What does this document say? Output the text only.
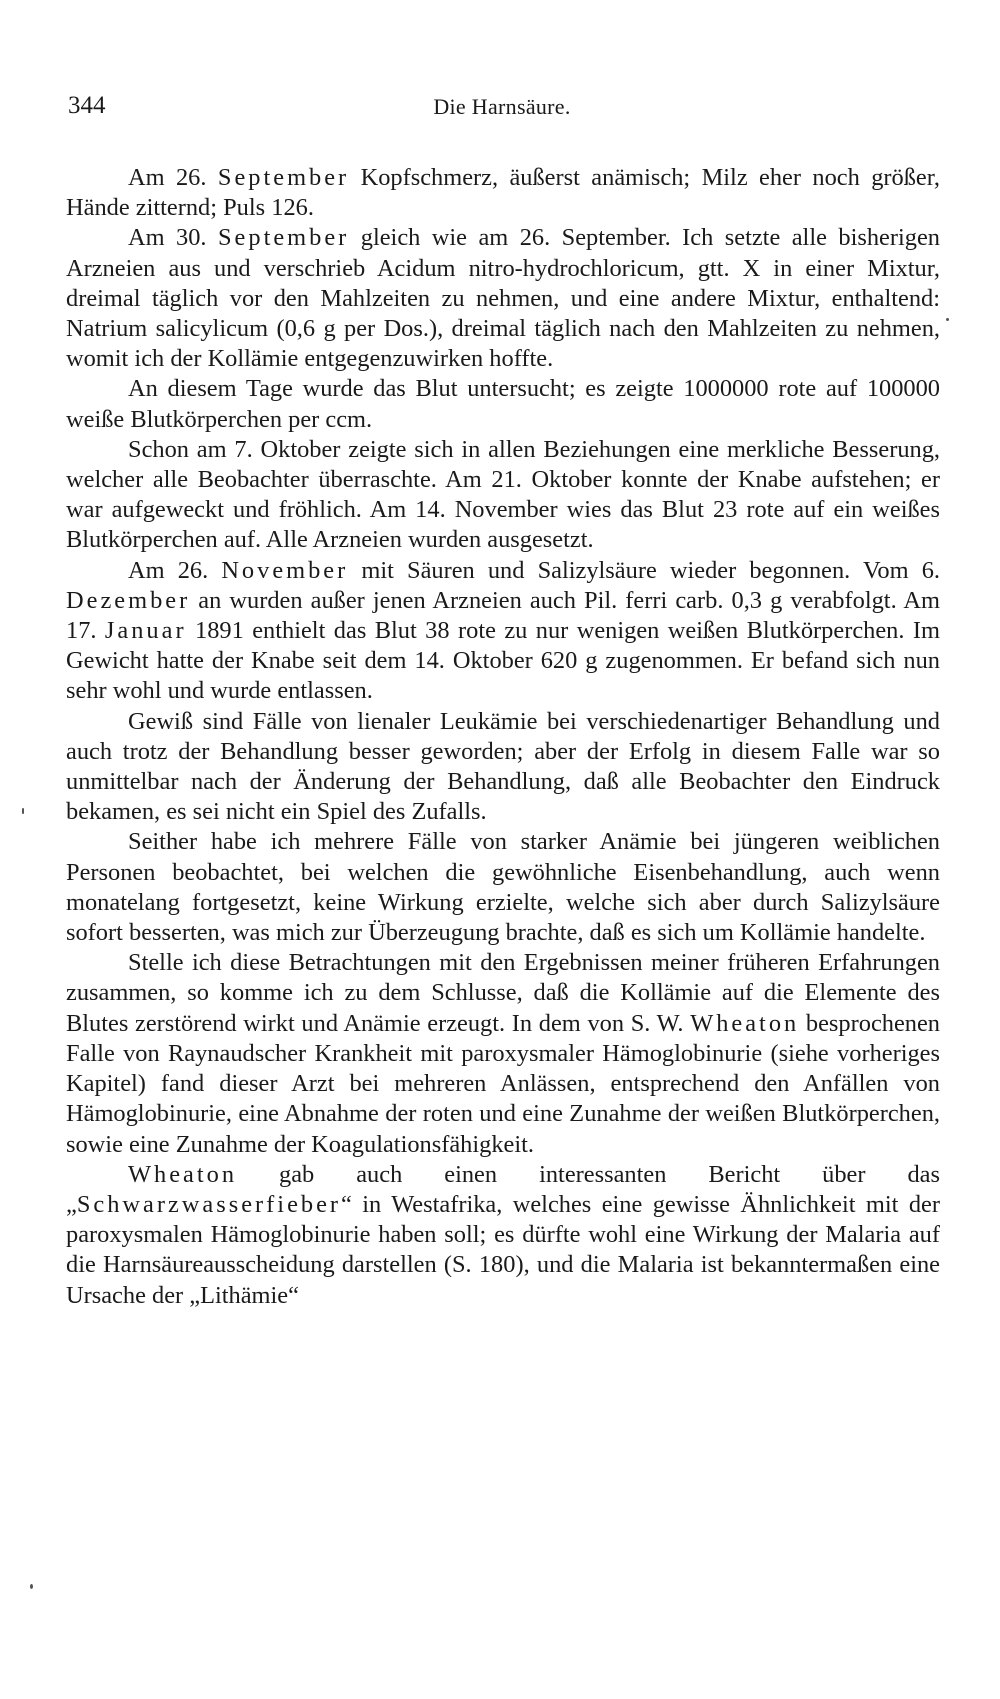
344	Die Harnsäure.

Am 26. September Kopfschmerz, äußerst anämisch; Milz eher noch größer, Hände zitternd; Puls 126.

Am 30. September gleich wie am 26. September. Ich setzte alle bisherigen Arzneien aus und verschrieb Acidum nitro-hydrochloricum, gtt. X in einer Mixtur, dreimal täglich vor den Mahlzeiten zu nehmen, und eine andere Mixtur, enthaltend: Natrium salicylicum (0,6 g per Dos.), dreimal täglich nach den Mahlzeiten zu nehmen, womit ich der Kollämie entgegenzuwirken hoffte.

An diesem Tage wurde das Blut untersucht; es zeigte 1000000 rote auf 100000 weiße Blutkörperchen per ccm.

Schon am 7. Oktober zeigte sich in allen Beziehungen eine merkliche Besserung, welcher alle Beobachter überraschte. Am 21. Oktober konnte der Knabe aufstehen; er war aufgeweckt und fröhlich. Am 14. November wies das Blut 23 rote auf ein weißes Blutkörperchen auf. Alle Arzneien wurden ausgesetzt.

Am 26. November mit Säuren und Salizylsäure wieder begonnen. Vom 6. Dezember an wurden außer jenen Arzneien auch Pil. ferri carb. 0,3 g verabfolgt. Am 17. Januar 1891 enthielt das Blut 38 rote zu nur wenigen weißen Blutkörperchen. Im Gewicht hatte der Knabe seit dem 14. Oktober 620 g zugenommen. Er befand sich nun sehr wohl und wurde entlassen.

Gewiß sind Fälle von lienaler Leukämie bei verschiedenartiger Behandlung und auch trotz der Behandlung besser geworden; aber der Erfolg in diesem Falle war so unmittelbar nach der Änderung der Behandlung, daß alle Beobachter den Eindruck bekamen, es sei nicht ein Spiel des Zufalls.

Seither habe ich mehrere Fälle von starker Anämie bei jüngeren weiblichen Personen beobachtet, bei welchen die gewöhnliche Eisenbehandlung, auch wenn monatelang fortgesetzt, keine Wirkung erzielte, welche sich aber durch Salizylsäure sofort besserten, was mich zur Überzeugung brachte, daß es sich um Kollämie handelte.

Stelle ich diese Betrachtungen mit den Ergebnissen meiner früheren Erfahrungen zusammen, so komme ich zu dem Schlusse, daß die Kollämie auf die Elemente des Blutes zerstörend wirkt und Anämie erzeugt. In dem von S. W. Wheaton besprochenen Falle von Raynaudscher Krankheit mit paroxysmaler Hämoglobinurie (siehe vorheriges Kapitel) fand dieser Arzt bei mehreren Anlässen, entsprechend den Anfällen von Hämoglobinurie, eine Abnahme der roten und eine Zunahme der weißen Blutkörperchen, sowie eine Zunahme der Koagulationsfähigkeit.

Wheaton gab auch einen interessanten Bericht über das „Schwarzwasserfieber“ in Westafrika, welches eine gewisse Ähnlichkeit mit der paroxysmalen Hämoglobinurie haben soll; es dürfte wohl eine Wirkung der Malaria auf die Harnsäureausscheidung darstellen (S. 180), und die Malaria ist bekanntermaßen eine Ursache der „Lithämie“
